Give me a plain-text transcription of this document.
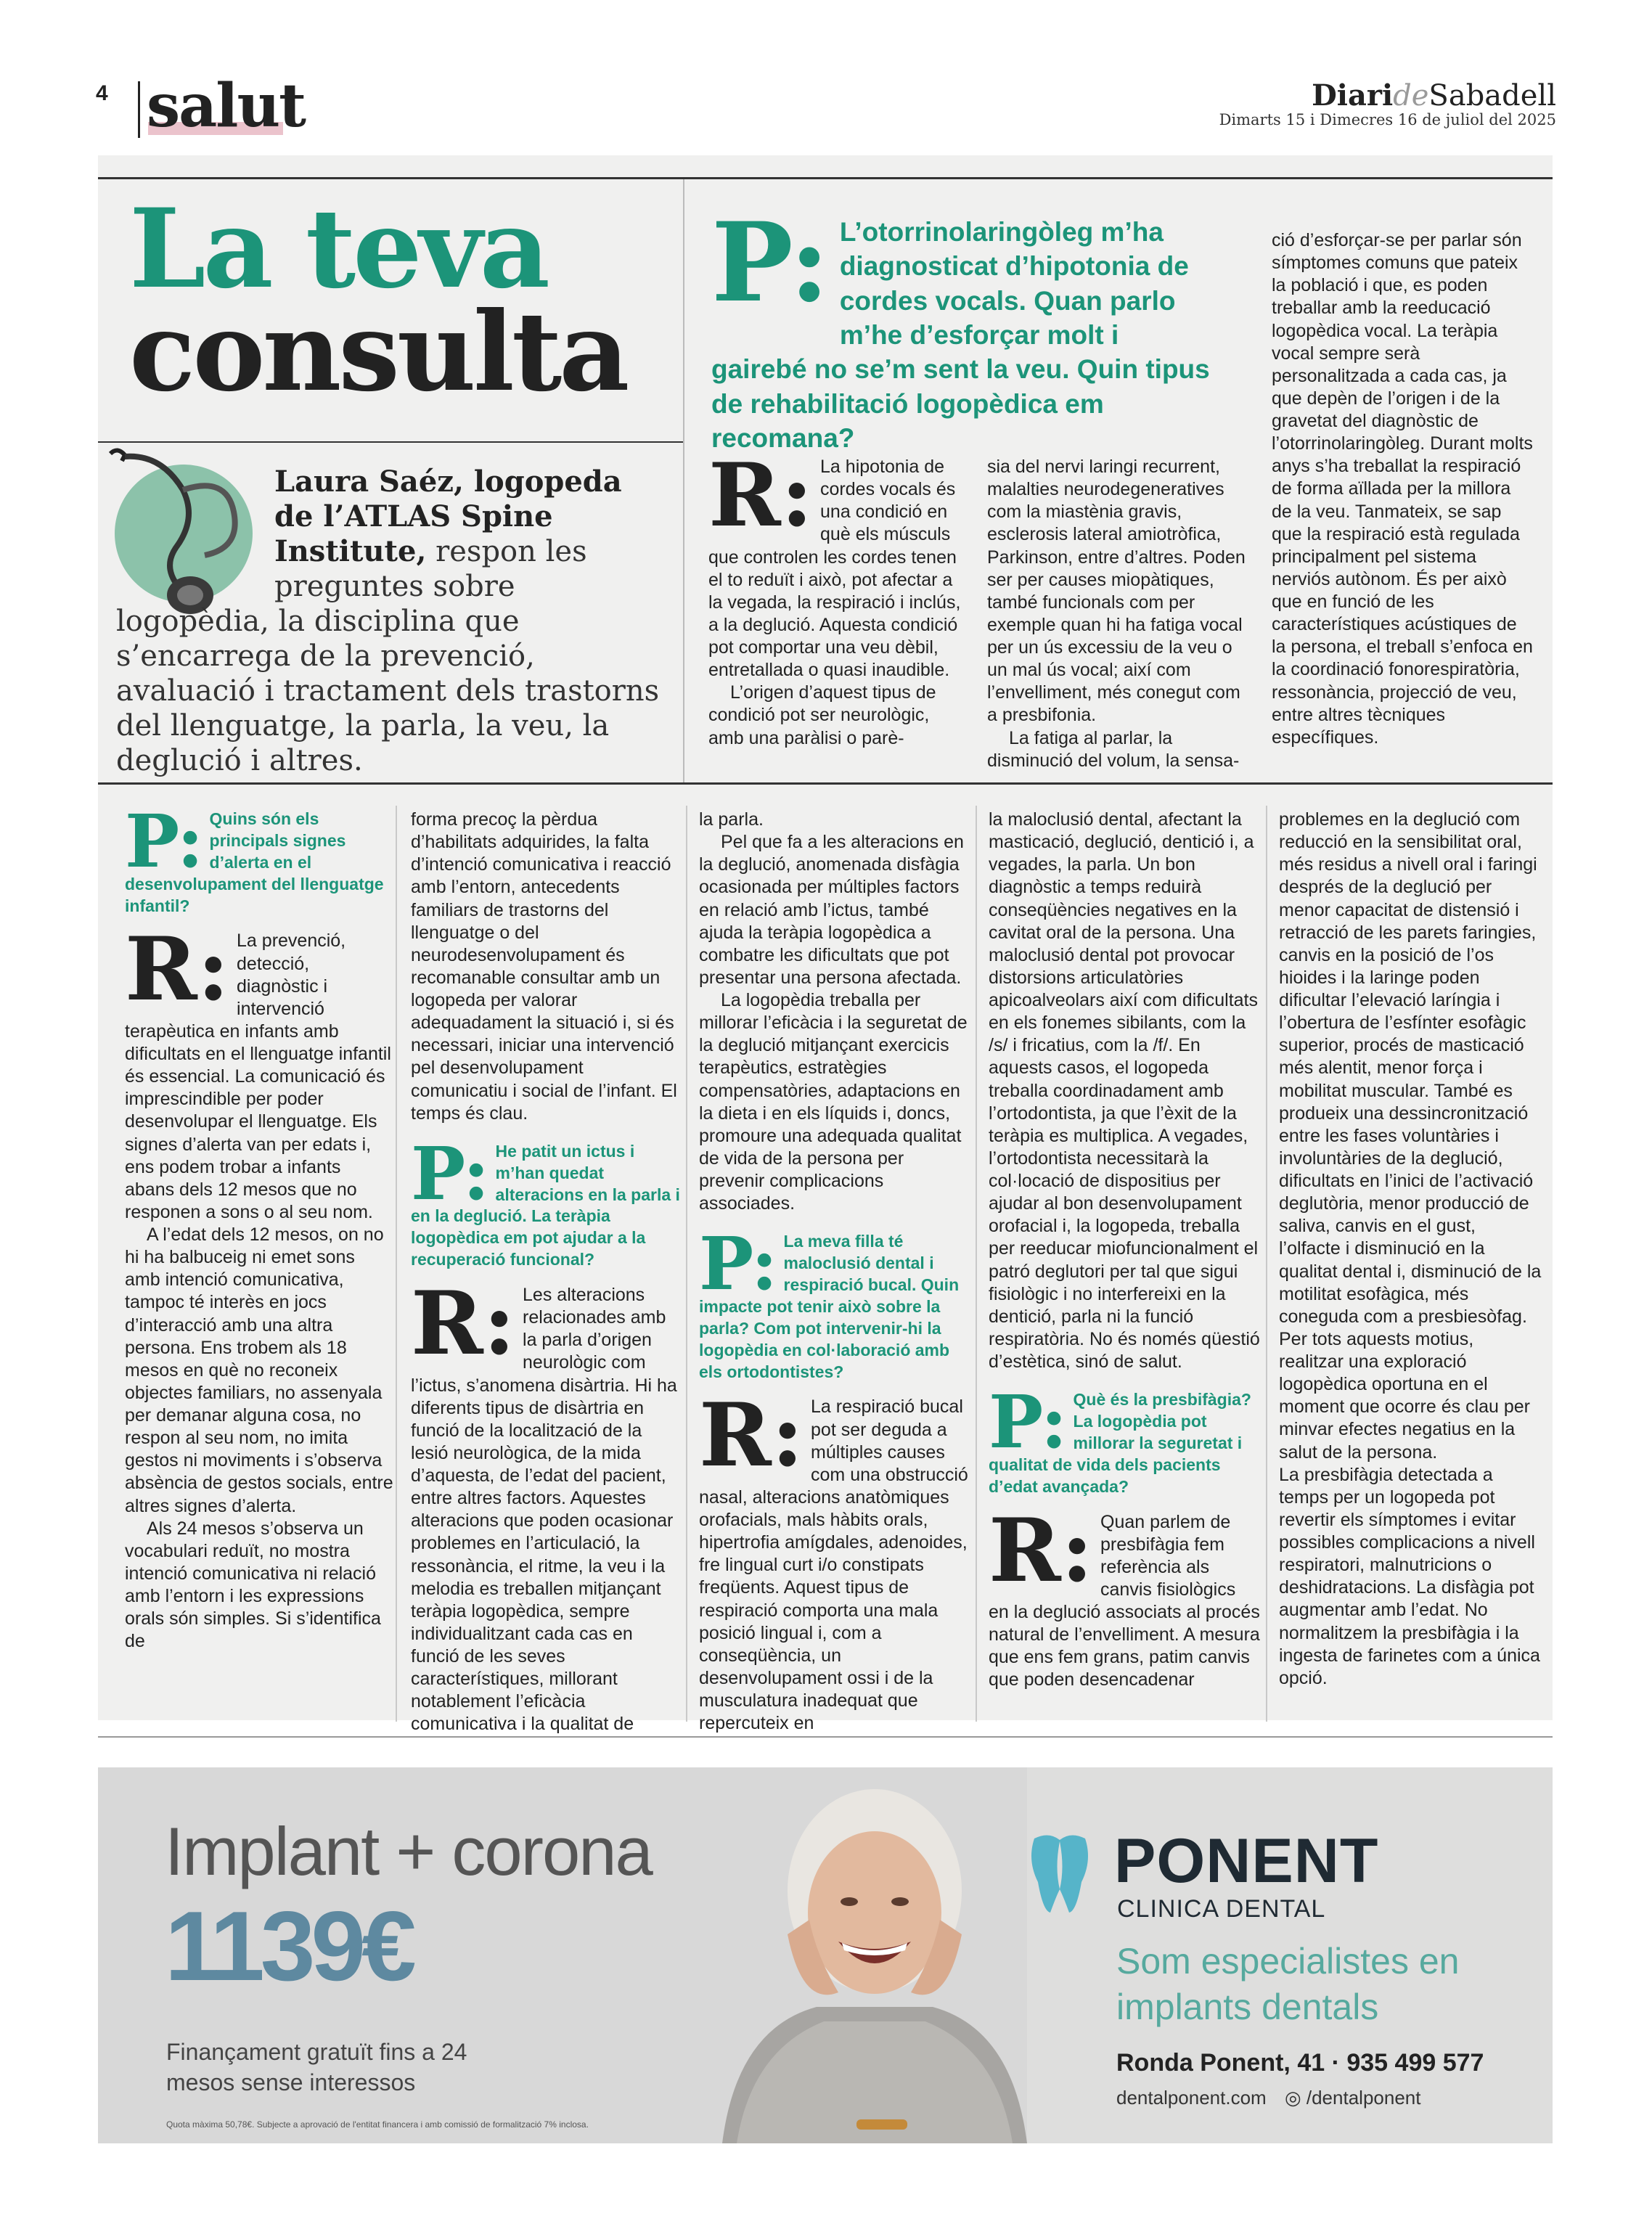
4 salut	DiarideSabadell
Dimarts 15 i Dimecres 16 de juliol del 2025
La teva
consulta
Laura Saéz, logopeda de l’ATLAS Spine Institute, respon les preguntes sobre logopèdia, la disciplina que s’encarrega de la prevenció, avaluació i tractament dels trastorns del llenguatge, la parla, la veu, la deglució i altres.
P: L’otorrinolaringòleg m’ha diagnosticat d’hipotonia de cordes vocals. Quan parlo m’he d’esforçar molt i gairebé no se’m sent la veu. Quin tipus de rehabilitació logopèdica em recomana?
R: La hipotonia de cordes vocals és una condició en què els músculs que controlen les cordes tenen el to reduït i això, pot afectar a la vegada, la respiració i inclús, a la deglució. Aquesta condició pot comportar una veu dèbil, entretallada o quasi inaudible.

L’origen d’aquest tipus de condició pot ser neurològic, amb una paràlisi o parè-

sia del nervi laringi recurrent, malalties neurodegeneratives com la miastènia gravis, esclerosis lateral amiotròfica, Parkinson, entre d’altres. Poden ser per causes miopàtiques, també funcionals com per exemple quan hi ha fatiga vocal per un ús excessiu de la veu o un mal ús vocal; així com l’envelliment, més conegut com a presbifonia.

La fatiga al parlar, la disminució del volum, la sensa-

ció d’esforçar-se per parlar són símptomes comuns que pateix la població i que, es poden treballar amb la reeducació logopèdica vocal. La teràpia vocal sempre serà personalitzada a cada cas, ja que depèn de l’origen i de la gravetat del diagnòstic de l’otorrinolaringòleg. Durant molts anys s’ha treballat la respiració de forma aïllada per la millora de la veu. Tanmateix, se sap que la respiració està regulada principalment pel sistema nerviós autònom. És per això que en funció de les característiques acústiques de la persona, el treball s’enfoca en la coordinació fonorespiratòria, ressonància, projecció de veu, entre altres tècniques específiques.

P: Quins són els principals signes d’alerta en el desenvolupament del llenguatge infantil?

R: La prevenció, detecció, diagnòstic i intervenció terapèutica en infants amb dificultats en el llenguatge infantil és essencial. La comunicació és imprescindible per poder desenvolupar el llenguatge. Els signes d’alerta van per edats i, ens podem trobar a infants abans dels 12 mesos que no responen a sons o al seu nom.

A l’edat dels 12 mesos, on no hi ha balbuceig ni emet sons amb intenció comunicativa, tampoc té interès en jocs d’interacció amb una altra persona. Ens trobem als 18 mesos en què no reconeix objectes familiars, no assenyala per demanar alguna cosa, no respon al seu nom, no imita gestos ni moviments i s’observa absència de gestos socials, entre altres signes d’alerta.

Als 24 mesos s’observa un vocabulari reduït, no mostra intenció comunicativa ni relació amb l’entorn i les expressions orals són simples. Si s’identifica de

forma precoç la pèrdua d’habilitats adquirides, la falta d’intenció comunicativa i reacció amb l’entorn, antecedents familiars de trastorns del llenguatge o del neurodesenvolupament és recomanable consultar amb un logopeda per valorar adequadament la situació i, si és necessari, iniciar una intervenció pel desenvolupament comunicatiu i social de l’infant. El temps és clau.

P: He patit un ictus i m’han quedat alteracions en la parla i en la deglució. La teràpia logopèdica em pot ajudar a la recuperació funcional?

R: Les alteracions relacionades amb la parla d’origen neurològic com l’ictus, s’anomena disàrtria. Hi ha diferents tipus de disàrtria en funció de la localització de la lesió neurològica, de la mida d’aquesta, de l’edat del pacient, entre altres factors. Aquestes alteracions que poden ocasionar problemes en l’articulació, la ressonància, el ritme, la veu i la melodia es treballen mitjançant teràpia logopèdica, sempre individualitzant cada cas en funció de les seves característiques, millorant notablement l’eficàcia comunicativa i la qualitat de

la parla.

Pel que fa a les alteracions en la deglució, anomenada disfàgia ocasionada per múltiples factors en relació amb l’ictus, també ajuda la teràpia logopèdica a combatre les dificultats que pot presentar una persona afectada.

La logopèdia treballa per millorar l’eficàcia i la seguretat de la deglució mitjançant exercicis terapèutics, estratègies compensatòries, adaptacions en la dieta i en els líquids i, doncs, promoure una adequada qualitat de vida de la persona per prevenir complicacions associades.

P: La meva filla té maloclusió dental i respiració bucal. Quin impacte pot tenir això sobre la parla? Com pot intervenir-hi la logopèdia en col·laboració amb els ortodontistes?

R: La respiració bucal pot ser deguda a múltiples causes com una obstrucció nasal, alteracions anatòmiques orofacials, mals hàbits orals, hipertrofia amígdales, adenoides, fre lingual curt i/o constipats freqüents. Aquest tipus de respiració comporta una mala posició lingual i, com a conseqüència, un desenvolupament ossi i de la musculatura inadequat que repercuteix en

la maloclusió dental, afectant la masticació, deglució, dentició i, a vegades, la parla. Un bon diagnòstic a temps reduirà conseqüències negatives en la cavitat oral de la persona. Una maloclusió dental pot provocar distorsions articulatòries apicoalveolars així com dificultats en els fonemes sibilants, com la /s/ i fricatius, com la /f/. En aquests casos, el logopeda treballa coordinadament amb l’ortodontista, ja que l’èxit de la teràpia es multiplica. A vegades, l’ortodontista necessitarà la col·locació de dispositius per ajudar al bon desenvolupament orofacial i, la logopeda, treballa per reeducar miofuncionalment el patró deglutori per tal que sigui fisiològic i no interfereixi en la dentició, parla ni la funció respiratòria. No és només qüestió d’estètica, sinó de salut.

P: Què és la presbifàgia? La logopèdia pot millorar la seguretat i qualitat de vida dels pacients d’edat avançada?

R: Quan parlem de presbifàgia fem referència als canvis fisiològics en la deglució associats al procés natural de l’envelliment. A mesura que ens fem grans, patim canvis que poden desencadenar

problemes en la deglució com reducció en la sensibilitat oral, més residus a nivell oral i faringi després de la deglució per menor capacitat de distensió i retracció de les parets faringies, canvis en la posició de l’os hioides i la laringe poden dificultar l’elevació laríngia i l’obertura de l’esfínter esofàgic superior, procés de masticació més alentit, menor força i mobilitat muscular. També es produeix una dessincronització entre les fases voluntàries i involuntàries de la deglució, dificultats en l’inici de l’activació deglutòria, menor producció de saliva, canvis en el gust, l’olfacte i disminució en la qualitat dental i, disminució de la motilitat esofàgica, més coneguda com a presbiesòfag. Per tots aquests motius, realitzar una exploració logopèdica oportuna en el moment que ocorre és clau per minvar efectes negatius en la salut de la persona.

La presbifàgia detectada a temps per un logopeda pot revertir els símptomes i evitar possibles complicacions a nivell respiratori, malnutricions o deshidratacions. La disfàgia pot augmentar amb l’edat. No normalitzem la presbifàgia i la ingesta de farinetes com a única opció.

Implant + corona
1139€
Finançament gratuït fins a 24 mesos sense interessos
Quota màxima 50,78€. Subjecte a aprovació de l'entitat financera i amb comissió de formalització 7% inclosa.
PONENT
CLINICA DENTAL
Som especialistes en implants dentals
Ronda Ponent, 41 · 935 499 577
dentalponent.com ◎ /dentalponent
